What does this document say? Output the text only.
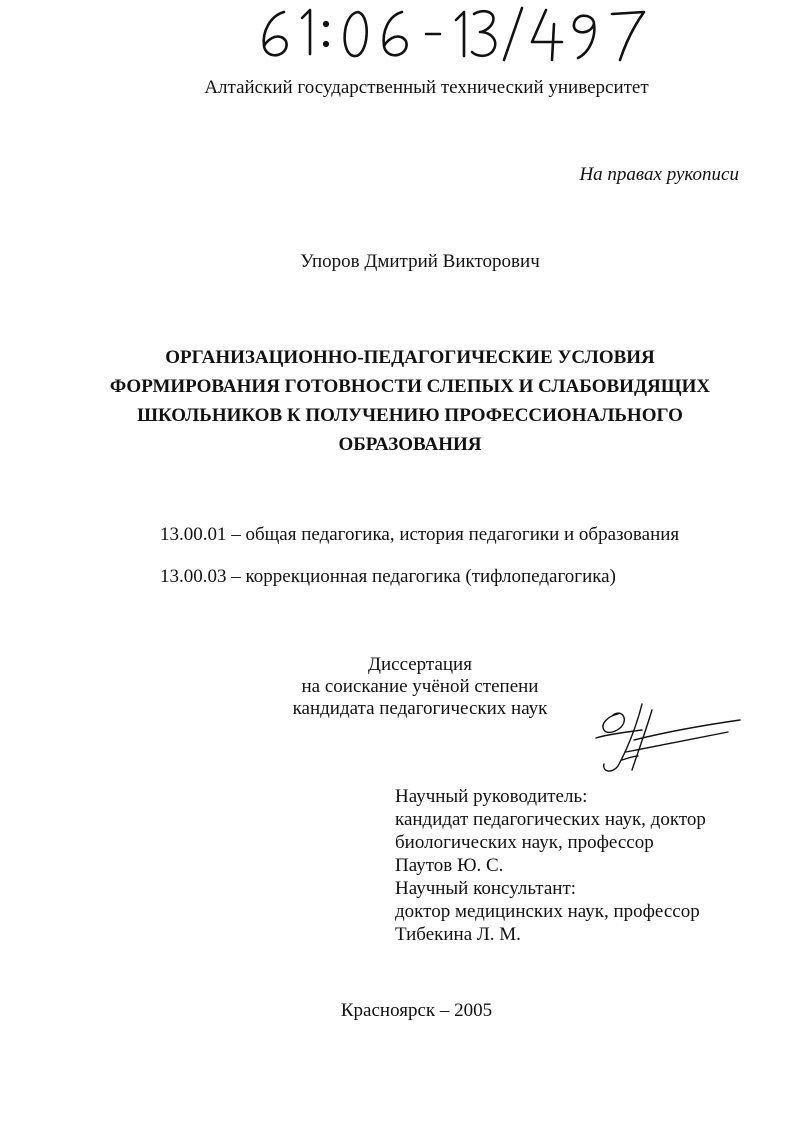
Алтайский государственный технический университет
На правах рукописи
Упоров Дмитрий Викторович
ОРГАНИЗАЦИОННО-ПЕДАГОГИЧЕСКИЕ УСЛОВИЯ
ФОРМИРОВАНИЯ ГОТОВНОСТИ СЛЕПЫХ И СЛАБОВИДЯЩИХ
ШКОЛЬНИКОВ К ПОЛУЧЕНИЮ ПРОФЕССИОНАЛЬНОГО
ОБРАЗОВАНИЯ
13.00.01 – общая педагогика, история педагогики и образования
13.00.03 – коррекционная педагогика (тифлопедагогика)
Диссертация
на соискание учёной степени
кандидата педагогических наук
Научный руководитель:
кандидат педагогических наук, доктор
биологических наук, профессор
Паутов Ю. С.
Научный консультант:
доктор медицинских наук, профессор
Тибекина Л. М.
Красноярск – 2005
